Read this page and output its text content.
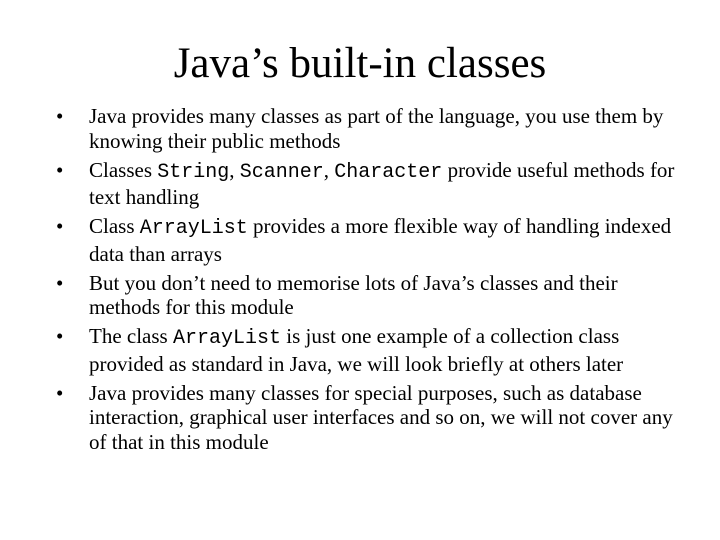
Java’s built-in classes
• Java provides many classes as part of the language, you use them by knowing their public methods
• Classes String, Scanner, Character provide useful methods for text handling
• Class ArrayList provides a more flexible way of handling indexed data than arrays
• But you don’t need to memorise lots of Java’s classes and their methods for this module
• The class ArrayList is just one example of a collection class provided as standard in Java, we will look briefly at others later
• Java provides many classes for special purposes, such as database interaction, graphical user interfaces and so on, we will not cover any of that in this module
